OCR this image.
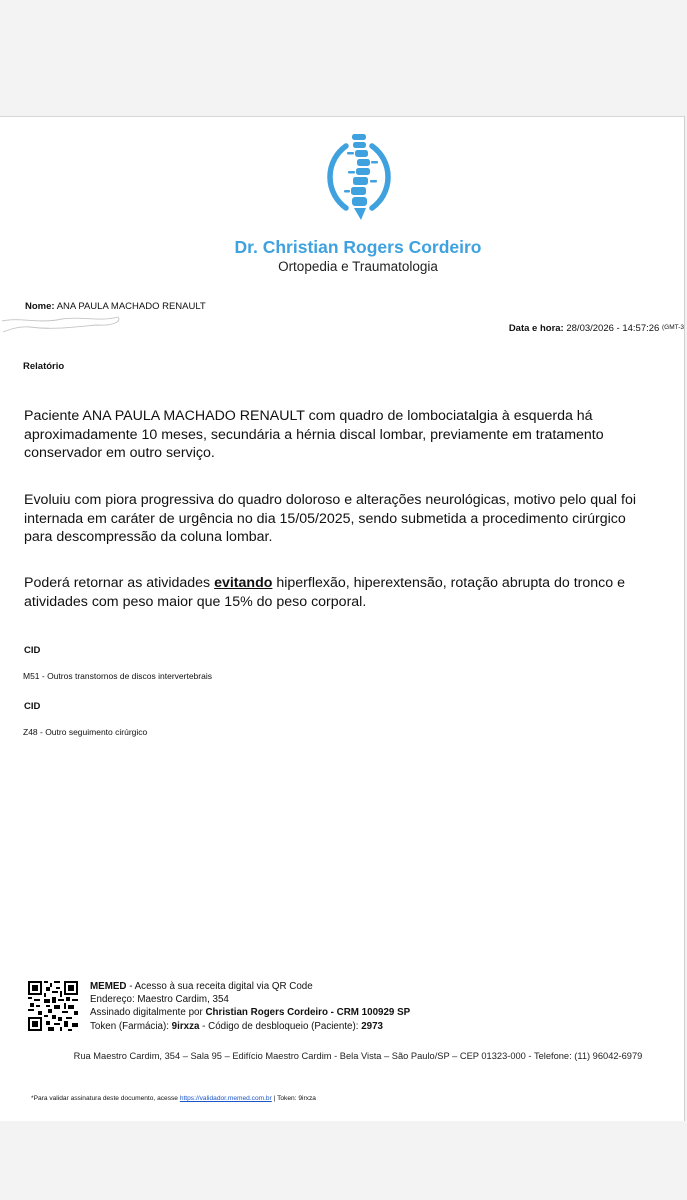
Dr. Christian Rogers Cordeiro
Ortopedia e Traumatologia
Nome: ANA PAULA MACHADO RENAULT
Data e hora: 28/03/2026 - 14:57:26 $^{(GMT-3}$
Relatório
Paciente ANA PAULA MACHADO RENAULT com quadro de lombociatalgia à esquerda há aproximadamente 10 meses, secundária a hérnia discal lombar, previamente em tratamento conservador em outro serviço.
Evoluiu com piora progressiva do quadro doloroso e alterações neurológicas, motivo pelo qual foi internada em caráter de urgência no dia 15/05/2025, sendo submetida a procedimento cirúrgico para descompressão da coluna lombar.
Poderá retornar as atividades evitando hiperflexão, hiperextensão, rotação abrupta do tronco e atividades com peso maior que 15% do peso corporal.
CID
M51 - Outros transtornos de discos intervertebrais
CID
Z48 - Outro seguimento cirúrgico
MEMED - Acesso à sua receita digital via QR Code
Endereço: Maestro Cardim, 354
Assinado digitalmente por Christian Rogers Cordeiro - CRM 100929 SP
Token (Farmácia): 9irxza - Código de desbloqueio (Paciente): 2973
Rua Maestro Cardim, 354 – Sala 95 – Edifício Maestro Cardim - Bela Vista – São Paulo/SP – CEP 01323-000 - Telefone: (11) 96042-6979
*Para validar assinatura deste documento, acesse https://validador.memed.com.br | Token: 9irxza
